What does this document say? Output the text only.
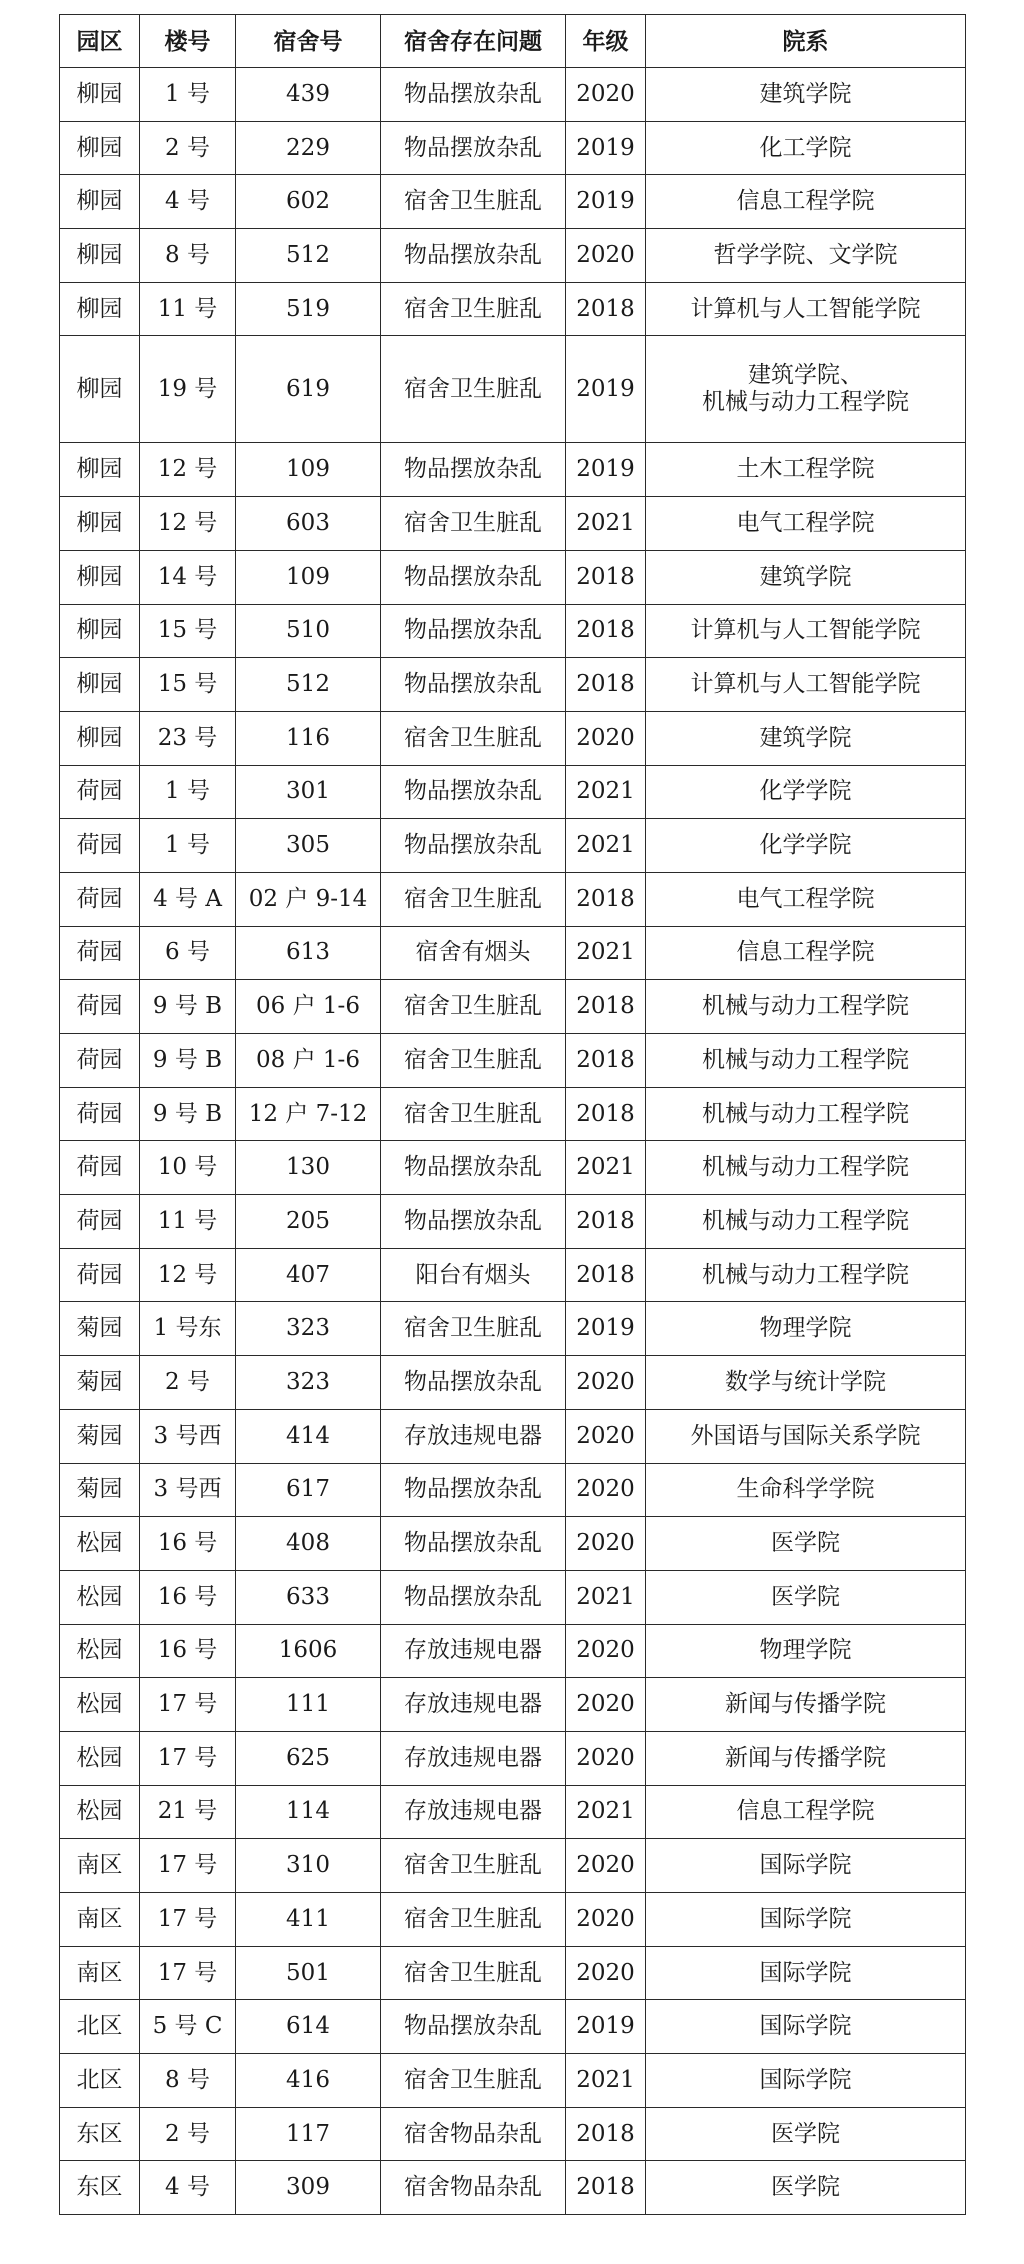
园区	楼号	宿舍号	宿舍存在问题	年级	院系
柳园	1 号	439	物品摆放杂乱	2020	建筑学院
柳园	2 号	229	物品摆放杂乱	2019	化工学院
柳园	4 号	602	宿舍卫生脏乱	2019	信息工程学院
柳园	8 号	512	物品摆放杂乱	2020	哲学学院、文学院
柳园	11 号	519	宿舍卫生脏乱	2018	计算机与人工智能学院
柳园	19 号	619	宿舍卫生脏乱	2019	建筑学院、
机械与动力工程学院

柳园	12 号	109	物品摆放杂乱	2019	土木工程学院
柳园	12 号	603	宿舍卫生脏乱	2021	电气工程学院
柳园	14 号	109	物品摆放杂乱	2018	建筑学院
柳园	15 号	510	物品摆放杂乱	2018	计算机与人工智能学院
柳园	15 号	512	物品摆放杂乱	2018	计算机与人工智能学院
柳园	23 号	116	宿舍卫生脏乱	2020	建筑学院
荷园	1 号	301	物品摆放杂乱	2021	化学学院
荷园	1 号	305	物品摆放杂乱	2021	化学学院
荷园	4 号 A	02 户 9-14	宿舍卫生脏乱	2018	电气工程学院
荷园	6 号	613	宿舍有烟头	2021	信息工程学院
荷园	9 号 B	06 户 1-6	宿舍卫生脏乱	2018	机械与动力工程学院
荷园	9 号 B	08 户 1-6	宿舍卫生脏乱	2018	机械与动力工程学院
荷园	9 号 B	12 户 7-12	宿舍卫生脏乱	2018	机械与动力工程学院
荷园	10 号	130	物品摆放杂乱	2021	机械与动力工程学院
荷园	11 号	205	物品摆放杂乱	2018	机械与动力工程学院
荷园	12 号	407	阳台有烟头	2018	机械与动力工程学院
菊园	1 号东	323	宿舍卫生脏乱	2019	物理学院
菊园	2 号	323	物品摆放杂乱	2020	数学与统计学院
菊园	3 号西	414	存放违规电器	2020	外国语与国际关系学院
菊园	3 号西	617	物品摆放杂乱	2020	生命科学学院
松园	16 号	408	物品摆放杂乱	2020	医学院
松园	16 号	633	物品摆放杂乱	2021	医学院
松园	16 号	1606	存放违规电器	2020	物理学院
松园	17 号	111	存放违规电器	2020	新闻与传播学院
松园	17 号	625	存放违规电器	2020	新闻与传播学院
松园	21 号	114	存放违规电器	2021	信息工程学院
南区	17 号	310	宿舍卫生脏乱	2020	国际学院
南区	17 号	411	宿舍卫生脏乱	2020	国际学院
南区	17 号	501	宿舍卫生脏乱	2020	国际学院
北区	5 号 C	614	物品摆放杂乱	2019	国际学院
北区	8 号	416	宿舍卫生脏乱	2021	国际学院
东区	2 号	117	宿舍物品杂乱	2018	医学院
东区	4 号	309	宿舍物品杂乱	2018	医学院
